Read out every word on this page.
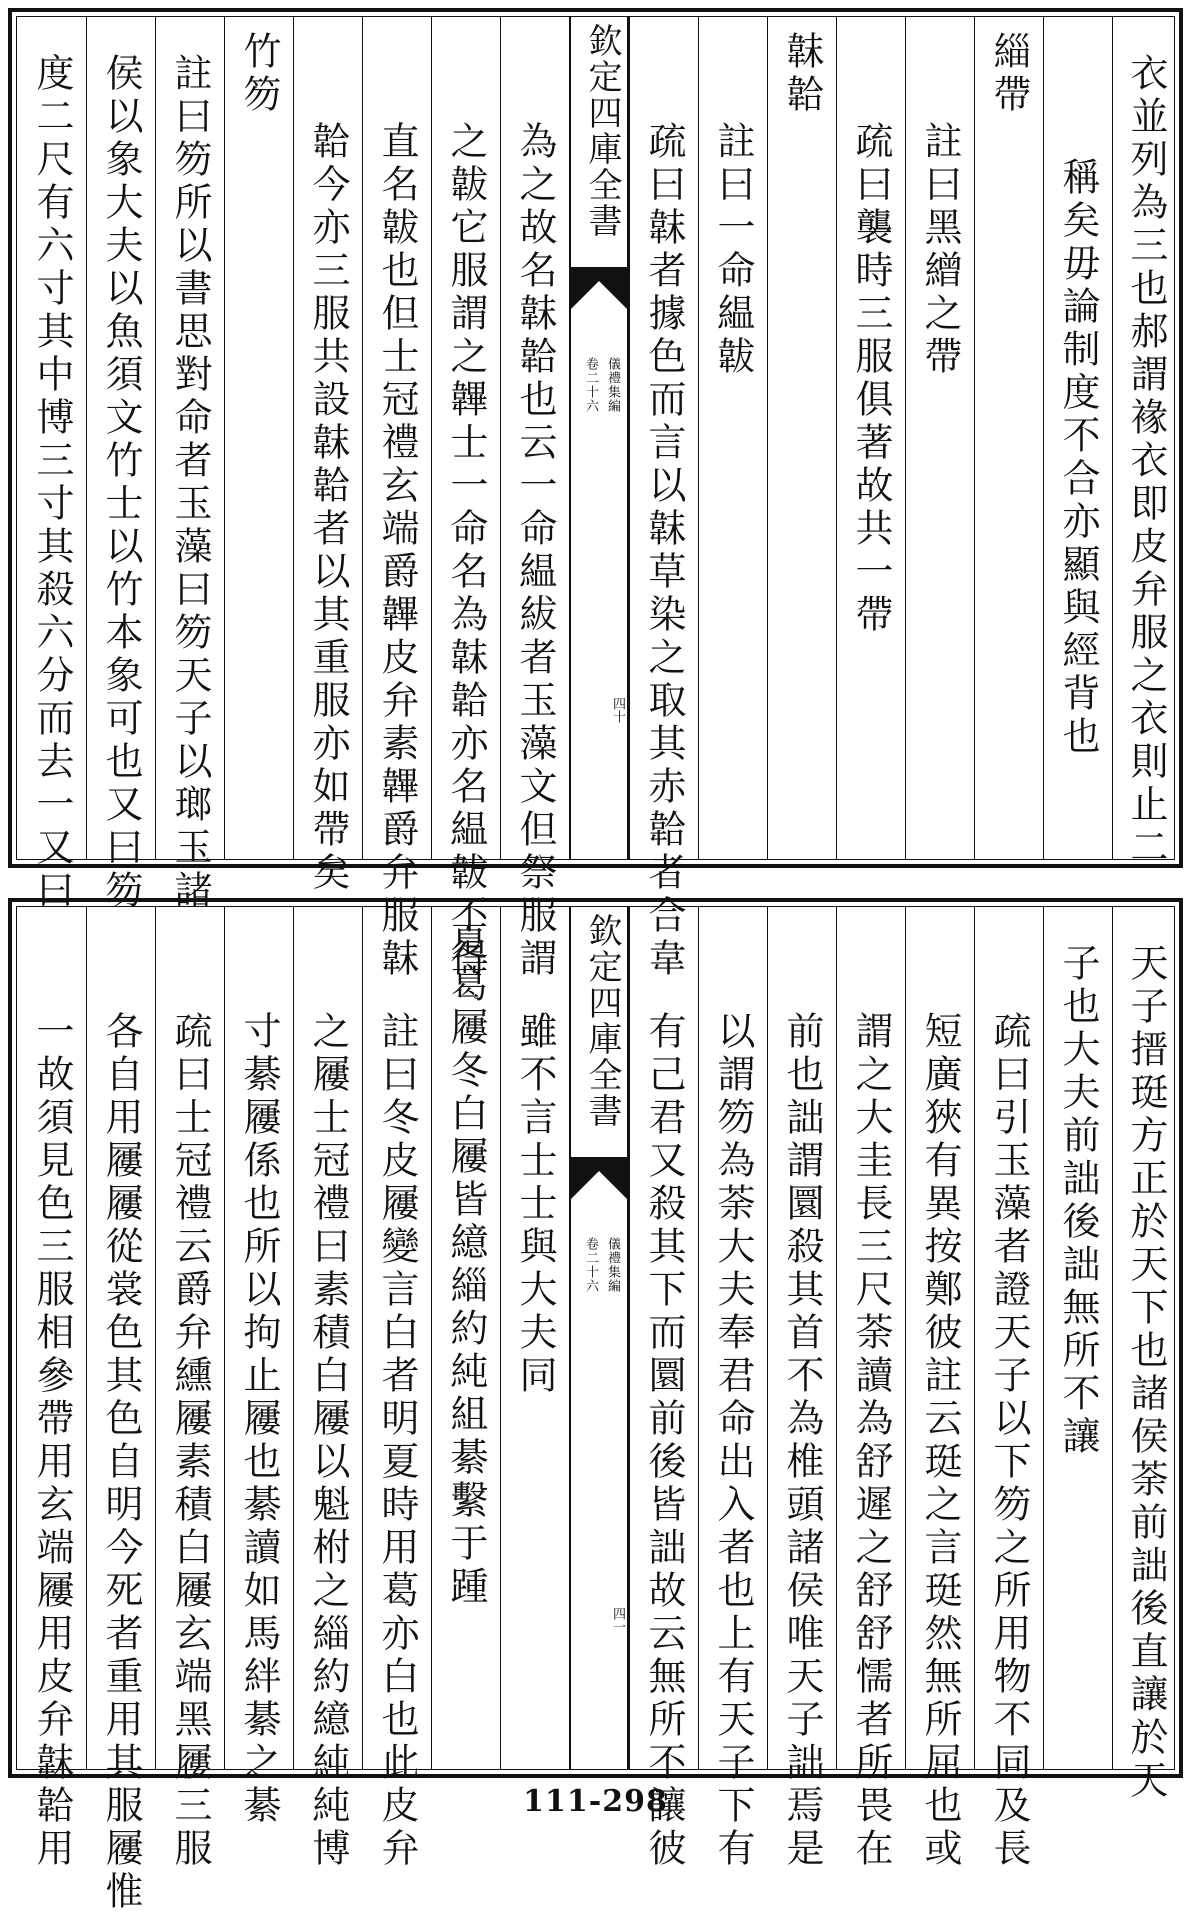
度二尺有六寸其中博三寸其殺六分而去一又曰 侯以象大夫以魚須文竹士以竹本象可也又曰笏 註曰笏所以書思對命者玉藻曰笏天子以瑯玉諸 竹笏
韐今亦三服共設韎韐者以其重服亦如帶矣 直名韍也但士冠禮玄端爵韠皮弁素韠爵弁服韎 之韍它服謂之韠士一命名為韎韐亦名緼韍不得 為之故名韎韐也云一命緼紱者玉藻文但祭服謂 欽定四庫全書
儀禮集編
卷二十六
四十 疏曰韎者據色而言以韎草染之取其赤韐者合韋 註曰一命緼韍
韎韐
疏曰襲時三服俱著故共一帶 註曰黑繒之帶
緇帶
稱矣毋論制度不合亦顯與經背也 衣並列為三也郝謂褖衣即皮弁服之衣則止二
一故須見色三服相參帶用玄端屨用皮弁韎韐用 各自用屨屨從裳色其色自明今死者重用其服屨惟 疏曰士冠禮云爵弁纁屨素積白屨玄端黑屨三服 寸綦屨係也所以拘止屨也綦讀如馬絆綦之綦 之屨士冠禮曰素積白屨以魁柎之緇約繶純純博 註曰冬皮屨變言白者明夏時用葛亦白也此皮弁 夏葛屨冬白屨皆繶緇約純組綦繫于踵 雖不言士士與大夫同 欽定四庫全書
儀禮集編
卷二十六
四一 有己君又殺其下而圜前後皆詘故云無所不讓彼 以謂笏為荼大夫奉君命出入者也上有天子下有 前也詘謂圜殺其首不為椎頭諸侯唯天子詘焉是 謂之大圭長三尺荼讀為舒遲之舒舒懦者所畏在 短廣狹有異按鄭彼註云珽之言珽然無所屈也或 疏曰引玉藻者證天子以下笏之所用物不同及長 子也大夫前詘後詘無所不讓 天子搢珽方正於天下也諸侯荼前詘後直讓於天
111-298
